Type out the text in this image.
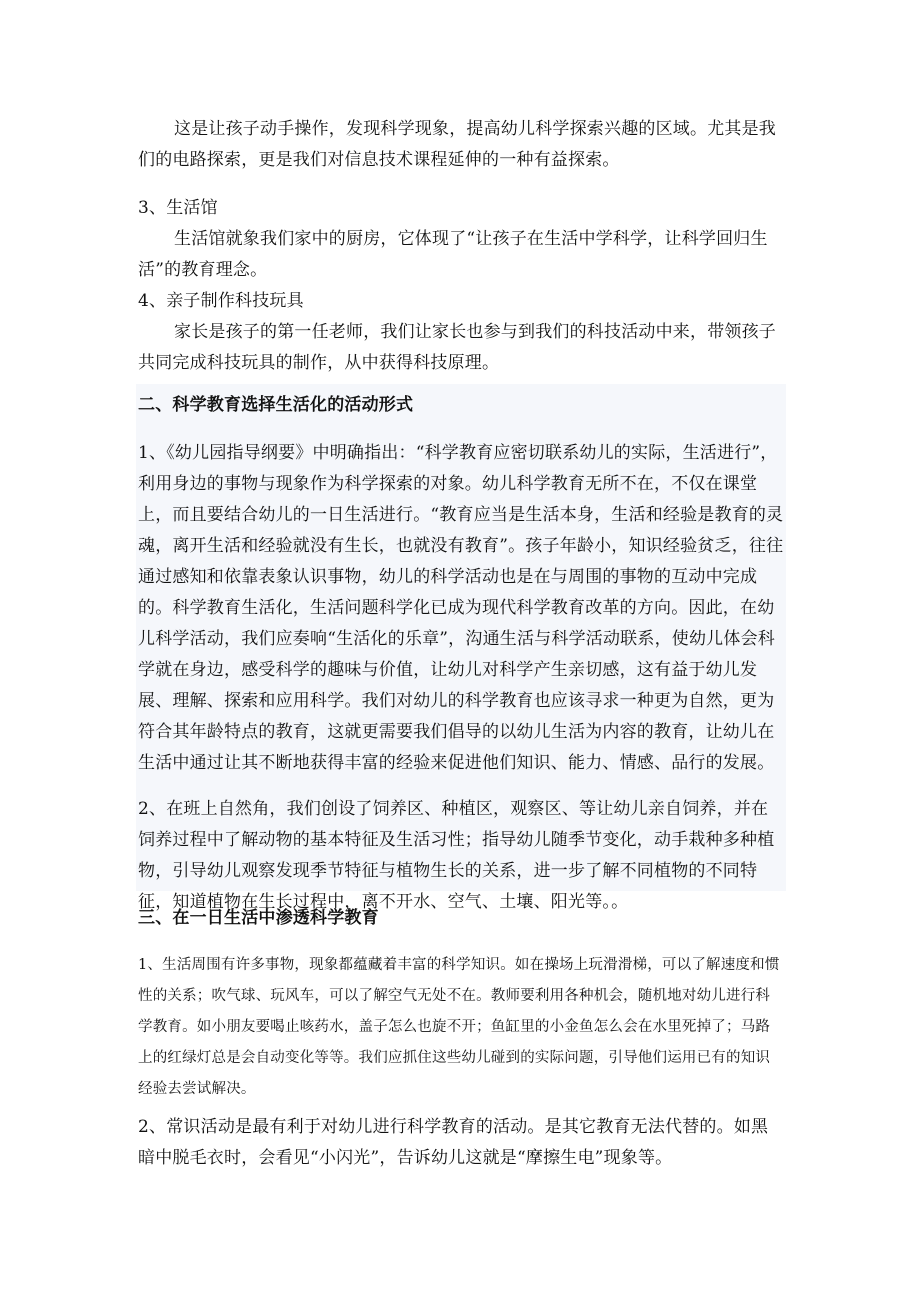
这是让孩子动手操作，发现科学现象，提高幼儿科学探索兴趣的区域。尤其是我们的电路探索，更是我们对信息技术课程延伸的一种有益探索。

3、生活馆

生活馆就象我们家中的厨房，它体现了“让孩子在生活中学科学，让科学回归生活”的教育理念。

4、亲子制作科技玩具

家长是孩子的第一任老师，我们让家长也参与到我们的科技活动中来，带领孩子共同完成科技玩具的制作，从中获得科技原理。

二、科学教育选择生活化的活动形式

1、《幼儿园指导纲要》中明确指出：“科学教育应密切联系幼儿的实际，生活进行”，利用身边的事物与现象作为科学探索的对象。幼儿科学教育无所不在，不仅在课堂上，而且要结合幼儿的一日生活进行。“教育应当是生活本身，生活和经验是教育的灵魂，离开生活和经验就没有生长，也就没有教育”。孩子年龄小，知识经验贫乏，往往通过感知和依靠表象认识事物，幼儿的科学活动也是在与周围的事物的互动中完成的。科学教育生活化，生活问题科学化已成为现代科学教育改革的方向。因此，在幼儿科学活动，我们应奏响“生活化的乐章”，沟通生活与科学活动联系，使幼儿体会科学就在身边，感受科学的趣味与价值，让幼儿对科学产生亲切感，这有益于幼儿发展、理解、探索和应用科学。我们对幼儿的科学教育也应该寻求一种更为自然，更为符合其年龄特点的教育，这就更需要我们倡导的以幼儿生活为内容的教育，让幼儿在生活中通过让其不断地获得丰富的经验来促进他们知识、能力、情感、品行的发展。

2、在班上自然角，我们创设了饲养区、种植区，观察区、等让幼儿亲自饲养，并在饲养过程中了解动物的基本特征及生活习性；指导幼儿随季节变化，动手栽种多种植物，引导幼儿观察发现季节特征与植物生长的关系，进一步了解不同植物的不同特征，知道植物在生长过程中，离不开水、空气、土壤、阳光等。。

三、在一日生活中渗透科学教育

1、生活周围有许多事物，现象都蕴藏着丰富的科学知识。如在操场上玩滑滑梯，可以了解速度和惯性的关系；吹气球、玩风车，可以了解空气无处不在。教师要利用各种机会，随机地对幼儿进行科学教育。如小朋友要喝止咳药水，盖子怎么也旋不开；鱼缸里的小金鱼怎么会在水里死掉了；马路上的红绿灯总是会自动变化等等。我们应抓住这些幼儿碰到的实际问题，引导他们运用已有的知识经验去尝试解决。

2、常识活动是最有利于对幼儿进行科学教育的活动。是其它教育无法代替的。如黑暗中脱毛衣时，会看见“小闪光”，告诉幼儿这就是“摩擦生电”现象等。
